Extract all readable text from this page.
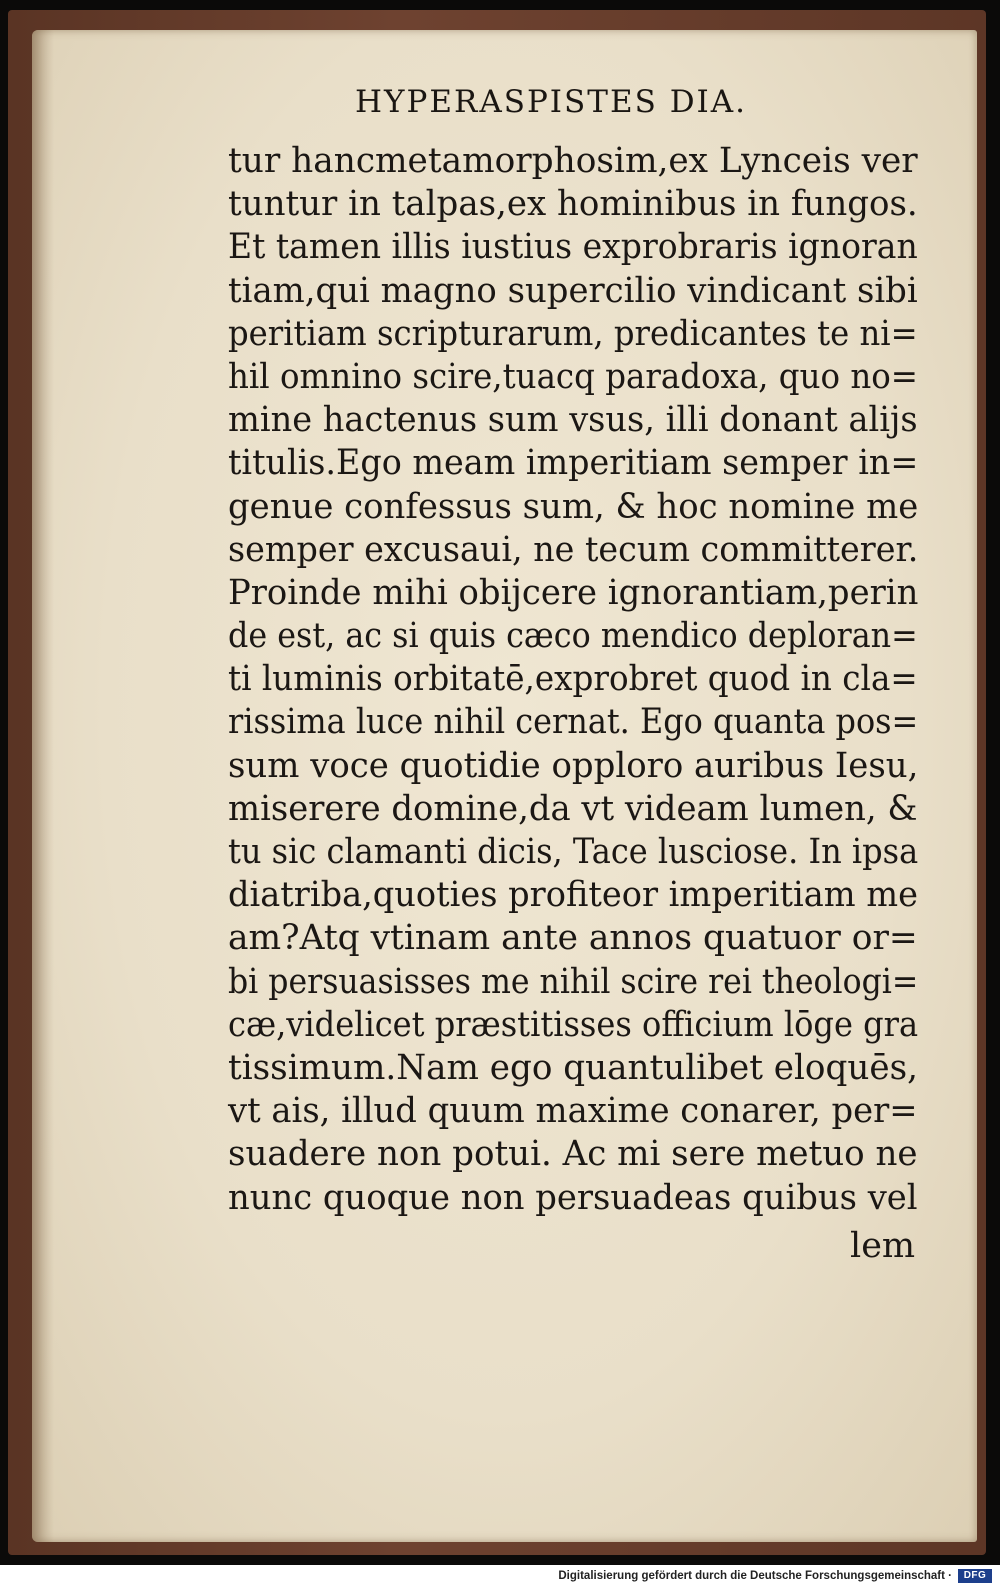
HYPERASPISTES DIA.
tur hancmetamorphosim,ex Lynceis ver
tuntur in talpas,ex hominibus in fungos.
Et tamen illis iustius exprobraris ignoran
tiam,qui magno supercilio vindicant sibi
peritiam scripturarum, predicantes te ni=
hil omnino scire,tuacq paradoxa, quo no=
mine hactenus sum vsus, illi donant alijs
titulis.Ego meam imperitiam semper in=
genue confessus sum, & hoc nomine me
semper excusaui, ne tecum committerer.
Proinde mihi obijcere ignorantiam,perin
de est, ac si quis cæco mendico deploran=
ti luminis orbitatē,exprobret quod in cla=
rissima luce nihil cernat. Ego quanta pos=
sum voce quotidie opploro auribus Iesu,
miserere domine,da vt videam lumen, &
tu sic clamanti dicis, Tace lusciose. In ipsa
diatriba,quoties profiteor imperitiam me
am?Atq vtinam ante annos quatuor or=
bi persuasisses me nihil scire rei theologi=
cæ,videlicet præstitisses officium lōge gra
tissimum.Nam ego quantulibet eloquēs,
vt ais, illud quum maxime conarer, per=
suadere non potui. Ac mi sere metuo ne
nunc quoque non persuadeas quibus vel
lem
Digitalisierung gefördert durch die Deutsche Forschungsgemeinschaft ·	DFG
